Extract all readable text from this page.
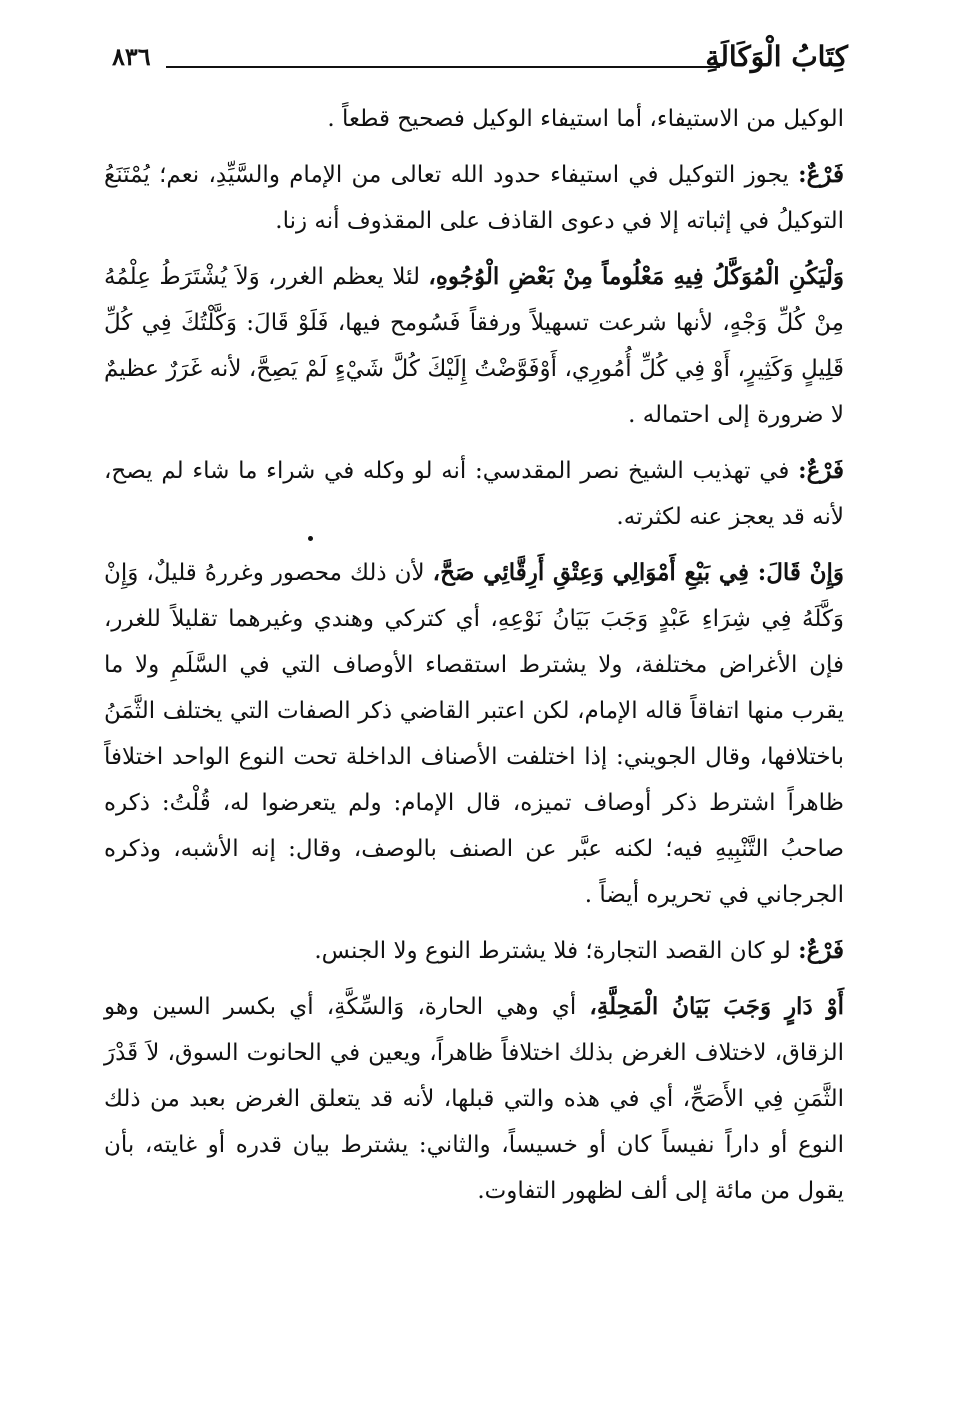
كِتَابُ الْوَكَالَةِ
٨٣٦

الوكيل من الاستيفاء، أما استيفاء الوكيل فصحيح قطعاً .

فَرْعٌ: يجوز التوكيل في استيفاء حدود الله تعالى من الإمام والسَّيِّدِ، نعم؛ يُمْتَنَعُ التوكيلُ في إثباته إلا في دعوى القاذف على المقذوف أنه زنا.

وَلْيَكُنِ الْمُوَكَّلُ فِيهِ مَعْلُوماً مِنْ بَعْضِ الْوُجُوهِ، لئلا يعظم الغرر، وَلاَ يُشْتَرَطُ عِلْمُهُ مِنْ كُلِّ وَجْهٍ، لأنها شرعت تسهيلاً ورفقاً فَسُومح فيها، فَلَوْ قَالَ: وَكَّلْتُكَ فِي كُلِّ قَلِيلٍ وَكَثِيرٍ، أَوْ فِي كُلِّ أُمُورِي، أَوْفَوَّضْتُ إِلَيْكَ كُلَّ شَيْءٍ لَمْ يَصِحَّ، لأنه غَرَرٌ عظيمٌ لا ضرورة إلى احتماله .

فَرْعٌ: في تهذيب الشيخ نصر المقدسي: أنه لو وكله في شراء ما شاء لم يصح، لأنه قد يعجز عنه لكثرته.

وَإِنْ قَالَ: فِي بَيْعِ أَمْوَالِي وَعِتْقِ أَرِقَّائِي صَحَّ، لأن ذلك محصور وغررهُ قليلٌ، وَإِنْ وَكَّلَهُ فِي شِرَاءِ عَبْدٍ وَجَبَ بَيَانُ نَوْعِهِ، أي كتركي وهندي وغيرهما تقليلاً للغرر، فإن الأغراض مختلفة، ولا يشترط استقصاء الأوصاف التي في السَّلَمِ ولا ما يقرب منها اتفاقاً قاله الإمام، لكن اعتبر القاضي ذكر الصفات التي يختلف الثَّمَنُ باختلافها، وقال الجويني: إذا اختلفت الأصناف الداخلة تحت النوع الواحد اختلافاً ظاهراً اشترط ذكر أوصاف تميزه، قال الإمام: ولم يتعرضوا له، قُلْتُ: ذكره صاحبُ التَّنْبِيهِ فيه؛ لكنه عبَّر عن الصنف بالوصف، وقال: إنه الأشبه، وذكره الجرجاني في تحريره أيضاً .

فَرْعٌ: لو كان القصد التجارة؛ فلا يشترط النوع ولا الجنس.

أَوْ دَارٍ وَجَبَ بَيَانُ الْمَحِلَّةِ، أي وهي الحارة، وَالسِّكَّةِ، أي بكسر السين وهو الزقاق، لاختلاف الغرض بذلك اختلافاً ظاهراً، ويعين في الحانوت السوق، لاَ قَدْرَ الثَّمَنِ فِي الأَصَحِّ، أي في هذه والتي قبلها، لأنه قد يتعلق الغرض بعبد من ذلك النوع أو داراً نفيساً كان أو خسيساً، والثاني: يشترط بيان قدره أو غايته، بأن يقول من مائة إلى ألف لظهور التفاوت.
